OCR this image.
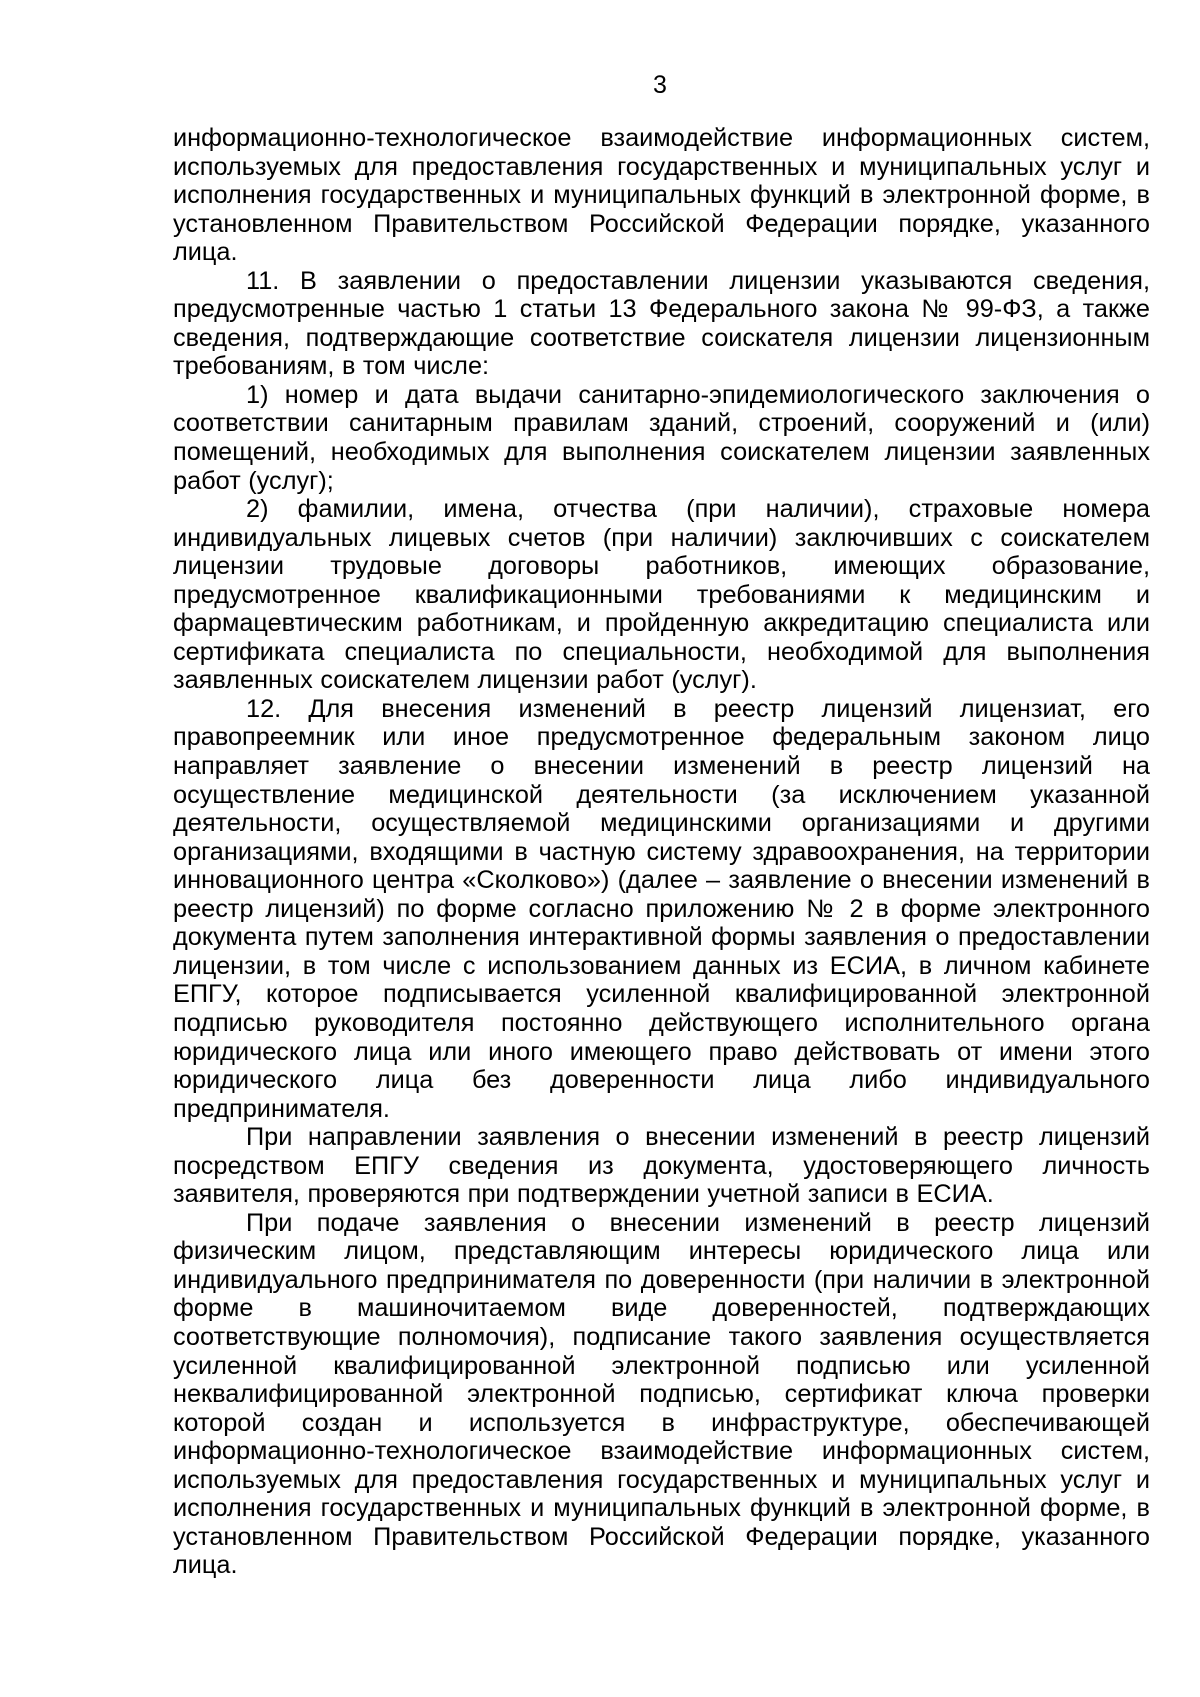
3

информационно-технологическое взаимодействие информационных систем, используемых для предоставления государственных и муниципальных услуг и исполнения государственных и муниципальных функций в электронной форме, в установленном Правительством Российской Федерации порядке, указанного лица.

11. В заявлении о предоставлении лицензии указываются сведения, предусмотренные частью 1 статьи 13 Федерального закона № 99-ФЗ, а также сведения, подтверждающие соответствие соискателя лицензии лицензионным требованиям, в том числе:

1) номер и дата выдачи санитарно-эпидемиологического заключения о соответствии санитарным правилам зданий, строений, сооружений и (или) помещений, необходимых для выполнения соискателем лицензии заявленных работ (услуг);

2) фамилии, имена, отчества (при наличии), страховые номера индивидуальных лицевых счетов (при наличии) заключивших с соискателем лицензии трудовые договоры работников, имеющих образование, предусмотренное квалификационными требованиями к медицинским и фармацевтическим работникам, и пройденную аккредитацию специалиста или сертификата специалиста по специальности, необходимой для выполнения заявленных соискателем лицензии работ (услуг).

12. Для внесения изменений в реестр лицензий лицензиат, его правопреемник или иное предусмотренное федеральным законом лицо направляет заявление о внесении изменений в реестр лицензий на осуществление медицинской деятельности (за исключением указанной деятельности, осуществляемой медицинскими организациями и другими организациями, входящими в частную систему здравоохранения, на территории инновационного центра «Сколково») (далее – заявление о внесении изменений в реестр лицензий) по форме согласно приложению № 2 в форме электронного документа путем заполнения интерактивной формы заявления о предоставлении лицензии, в том числе с использованием данных из ЕСИА, в личном кабинете ЕПГУ, которое подписывается усиленной квалифицированной электронной подписью руководителя постоянно действующего исполнительного органа юридического лица или иного имеющего право действовать от имени этого юридического лица без доверенности лица либо индивидуального предпринимателя.

При направлении заявления о внесении изменений в реестр лицензий посредством ЕПГУ сведения из документа, удостоверяющего личность заявителя, проверяются при подтверждении учетной записи в ЕСИА.

При подаче заявления о внесении изменений в реестр лицензий физическим лицом, представляющим интересы юридического лица или индивидуального предпринимателя по доверенности (при наличии в электронной форме в машиночитаемом виде доверенностей, подтверждающих соответствующие полномочия), подписание такого заявления осуществляется усиленной квалифицированной электронной подписью или усиленной неквалифицированной электронной подписью, сертификат ключа проверки которой создан и используется в инфраструктуре, обеспечивающей информационно-технологическое взаимодействие информационных систем, используемых для предоставления государственных и муниципальных услуг и исполнения государственных и муниципальных функций в электронной форме, в установленном Правительством Российской Федерации порядке, указанного лица.
